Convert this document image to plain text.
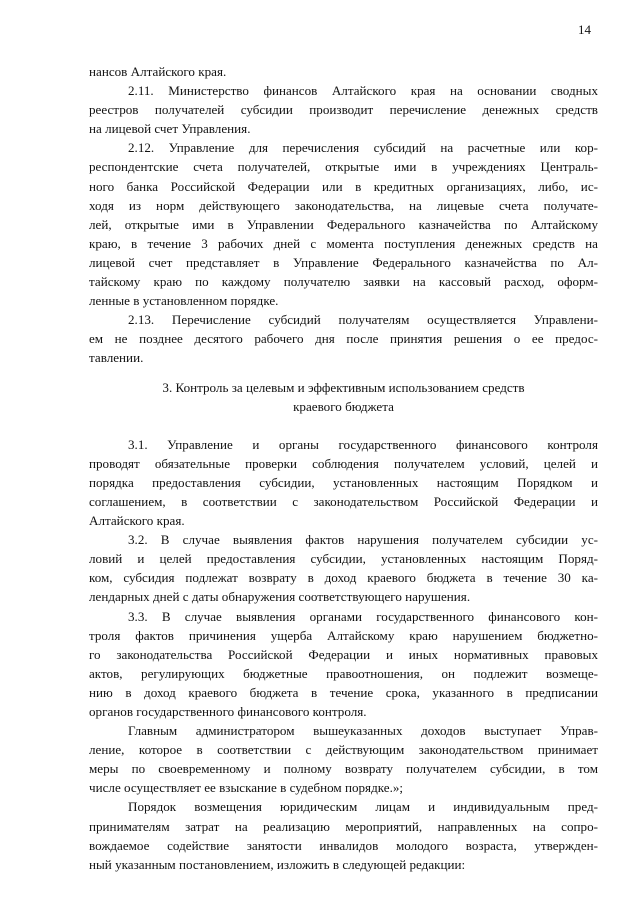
14
нансов Алтайского края.
2.11. Министерство финансов Алтайского края на основании сводных
реестров получателей субсидии производит перечисление денежных средств
на лицевой счет Управления.
2.12. Управление для перечисления субсидий на расчетные или кор-
респондентские счета получателей, открытые ими в учреждениях Централь-
ного банка Российской Федерации или в кредитных организациях, либо, ис-
ходя из норм действующего законодательства, на лицевые счета получате-
лей, открытые ими в Управлении Федерального казначейства по Алтайскому
краю, в течение 3 рабочих дней с момента поступления денежных средств на
лицевой счет представляет в Управление Федерального казначейства по Ал-
тайскому краю по каждому получателю заявки на кассовый расход, оформ-
ленные в установленном порядке.
2.13. Перечисление субсидий получателям осуществляется Управлени-
ем не позднее десятого рабочего дня после принятия решения о ее предос-
тавлении.
3. Контроль за целевым и эффективным использованием средств
краевого бюджета
3.1. Управление и органы государственного финансового контроля
проводят обязательные проверки соблюдения получателем условий, целей и
порядка предоставления субсидии, установленных настоящим Порядком и
соглашением, в соответствии с законодательством Российской Федерации и
Алтайского края.
3.2. В случае выявления фактов нарушения получателем субсидии ус-
ловий и целей предоставления субсидии, установленных настоящим Поряд-
ком, субсидия подлежат возврату в доход краевого бюджета в течение 30 ка-
лендарных дней с даты обнаружения соответствующего нарушения.
3.3. В случае выявления органами государственного финансового кон-
троля фактов причинения ущерба Алтайскому краю нарушением бюджетно-
го законодательства Российской Федерации и иных нормативных правовых
актов, регулирующих бюджетные правоотношения, он подлежит возмеще-
нию в доход краевого бюджета в течение срока, указанного в предписании
органов государственного финансового контроля.
Главным администратором вышеуказанных доходов выступает Управ-
ление, которое в соответствии с действующим законодательством принимает
меры по своевременному и полному возврату получателем субсидии, в том
числе осуществляет ее взыскание в судебном порядке.»;
Порядок возмещения юридическим лицам и индивидуальным пред-
принимателям затрат на реализацию мероприятий, направленных на сопро-
вождаемое содействие занятости инвалидов молодого возраста, утвержден-
ный указанным постановлением, изложить в следующей редакции:
